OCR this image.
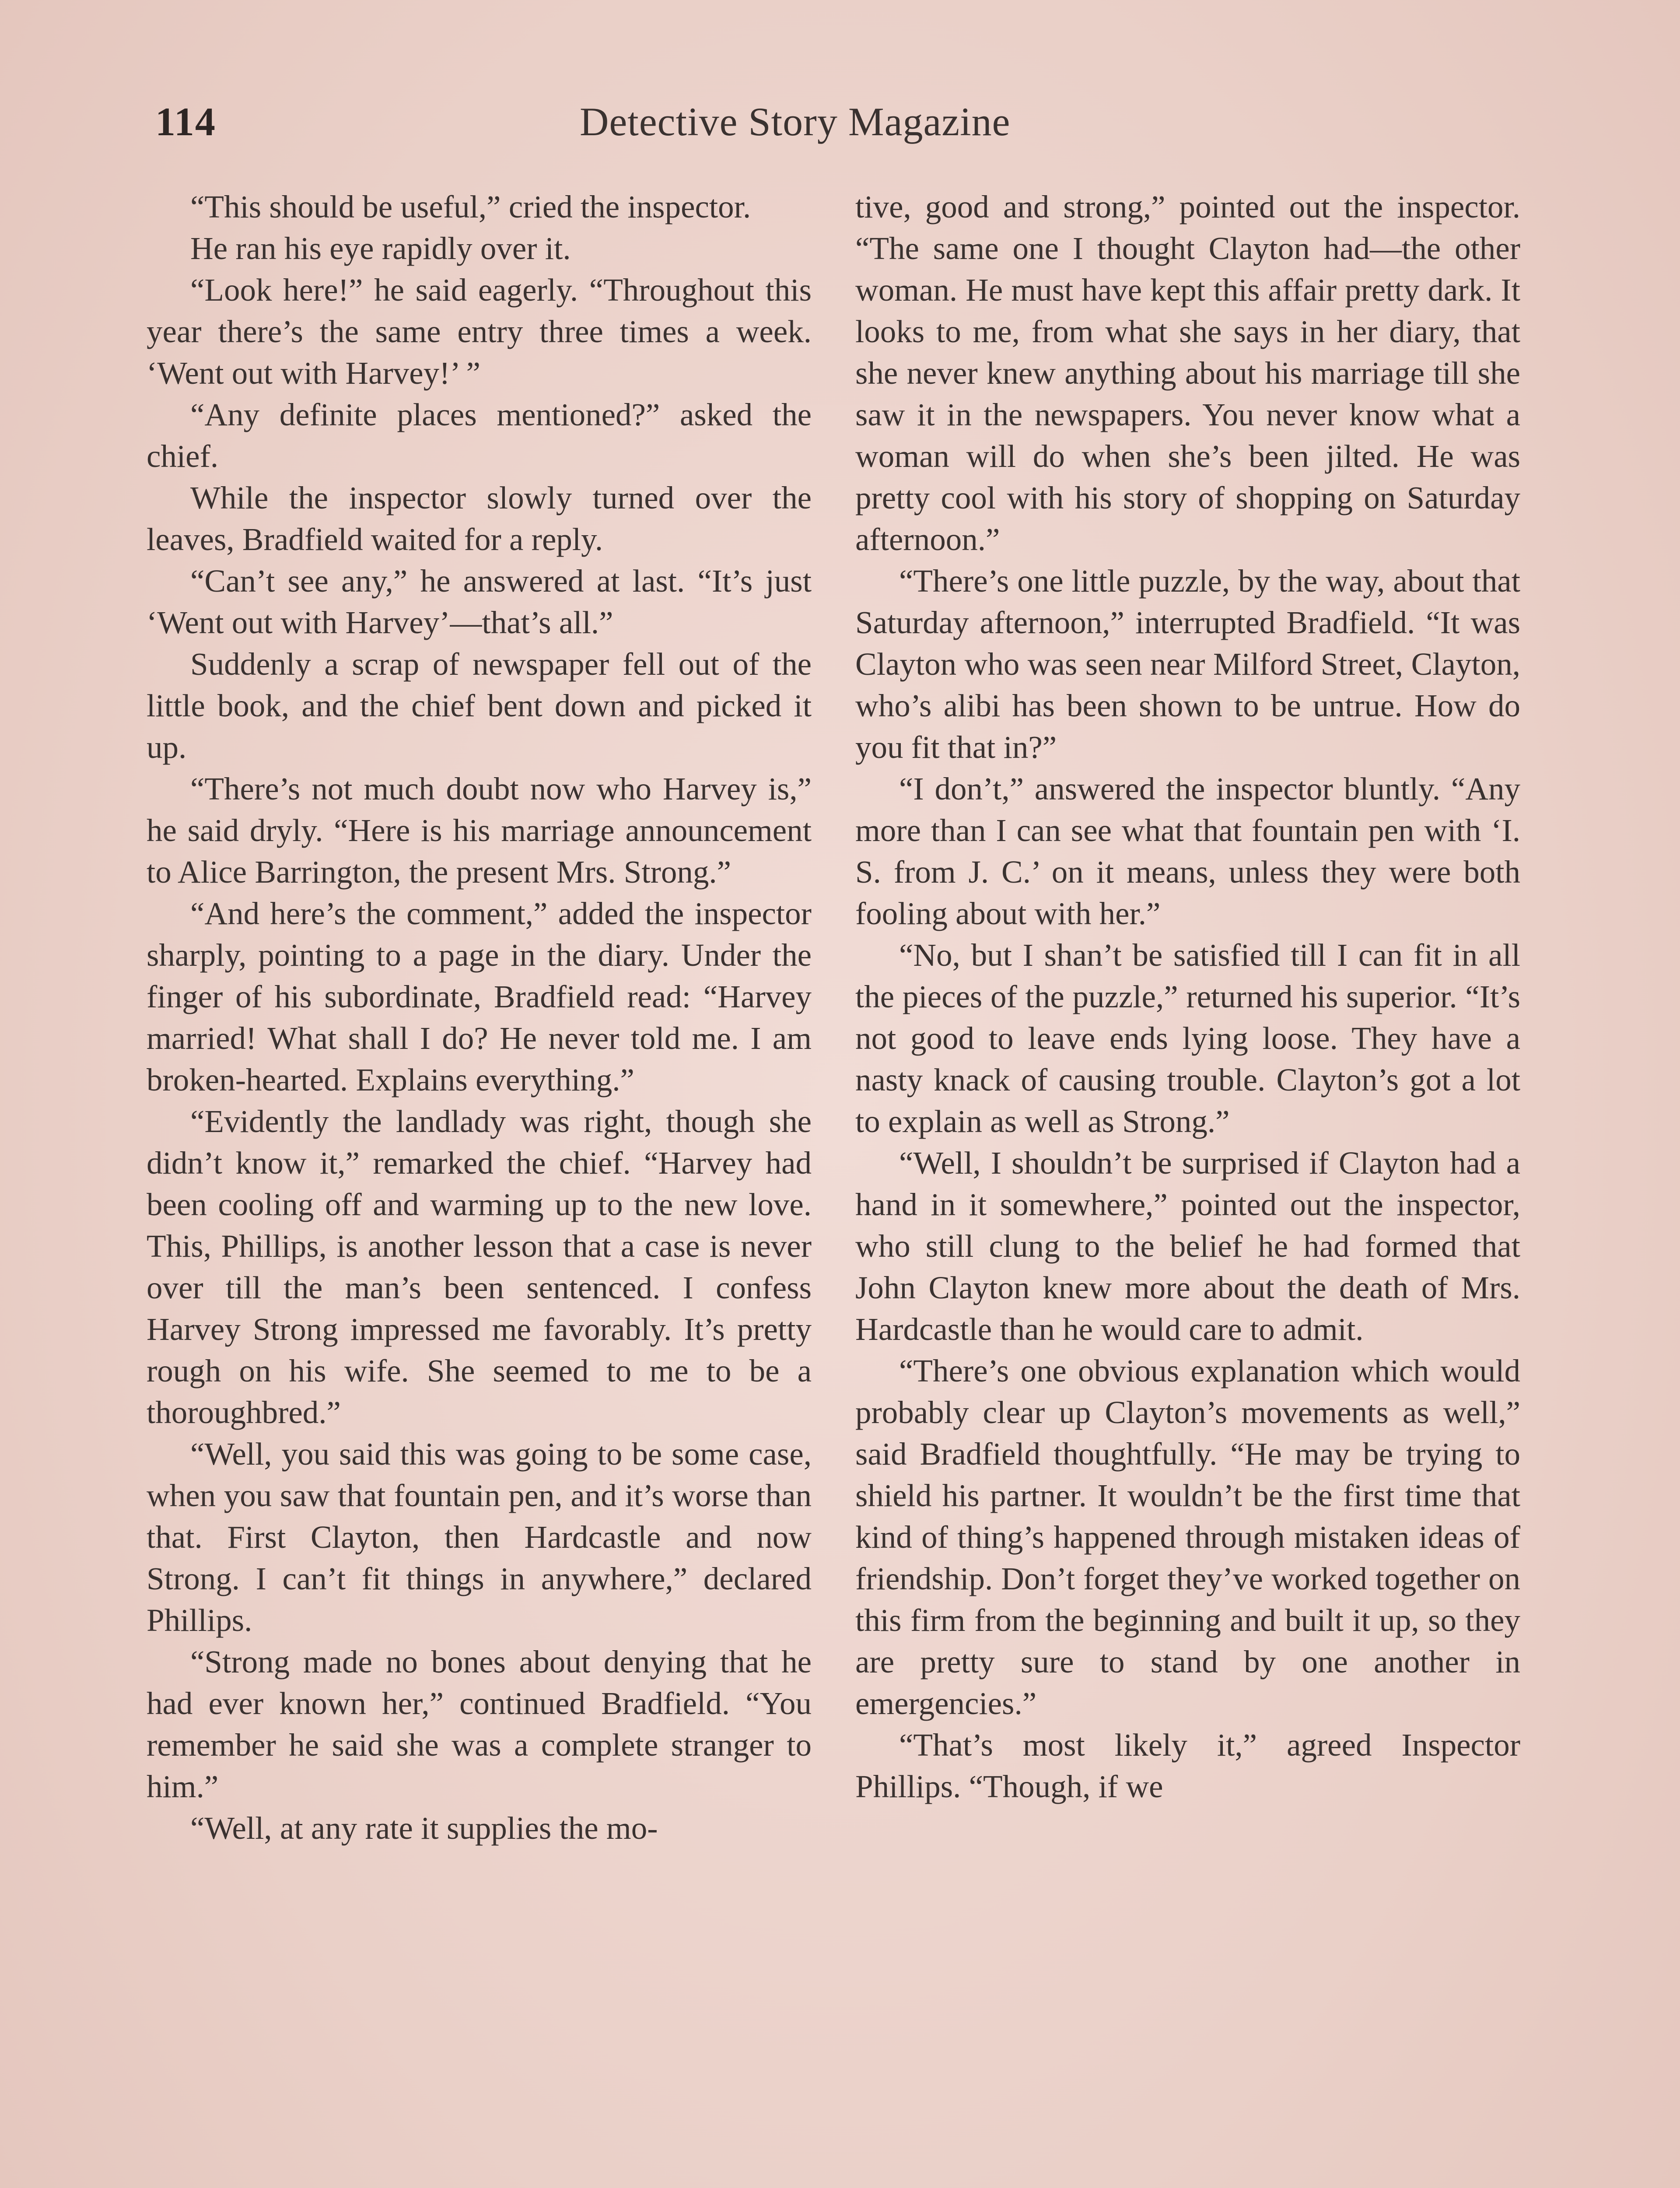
114	Detective Story Magazine

“This should be useful,” cried the inspector.

He ran his eye rapidly over it.

“Look here!” he said eagerly. “Throughout this year there’s the same entry three times a week. ‘Went out with Harvey!’ ”

“Any definite places mentioned?” asked the chief.

While the inspector slowly turned over the leaves, Bradfield waited for a reply.

“Can’t see any,” he answered at last. “It’s just ‘Went out with Harvey’—that’s all.”

Suddenly a scrap of newspaper fell out of the little book, and the chief bent down and picked it up.

“There’s not much doubt now who Harvey is,” he said dryly. “Here is his marriage announcement to Alice Barrington, the present Mrs. Strong.”

“And here’s the comment,” added the inspector sharply, pointing to a page in the diary. Under the finger of his subordinate, Bradfield read: “Harvey married! What shall I do? He never told me. I am broken-hearted. Explains everything.”

“Evidently the landlady was right, though she didn’t know it,” remarked the chief. “Harvey had been cooling off and warming up to the new love. This, Phillips, is another lesson that a case is never over till the man’s been sentenced. I confess Harvey Strong impressed me favorably. It’s pretty rough on his wife. She seemed to me to be a thoroughbred.”

“Well, you said this was going to be some case, when you saw that fountain pen, and it’s worse than that. First Clayton, then Hardcastle and now Strong. I can’t fit things in anywhere,” declared Phillips.

“Strong made no bones about denying that he had ever known her,” continued Bradfield. “You remember he said she was a complete stranger to him.”

“Well, at any rate it supplies the mo-

tive, good and strong,” pointed out the inspector. “The same one I thought Clayton had—the other woman. He must have kept this affair pretty dark. It looks to me, from what she says in her diary, that she never knew anything about his marriage till she saw it in the newspapers. You never know what a woman will do when she’s been jilted. He was pretty cool with his story of shopping on Saturday afternoon.”

“There’s one little puzzle, by the way, about that Saturday afternoon,” interrupted Bradfield. “It was Clayton who was seen near Milford Street, Clayton, who’s alibi has been shown to be untrue. How do you fit that in?”

“I don’t,” answered the inspector bluntly. “Any more than I can see what that fountain pen with ‘I. S. from J. C.’ on it means, unless they were both fooling about with her.”

“No, but I shan’t be satisfied till I can fit in all the pieces of the puzzle,” returned his superior. “It’s not good to leave ends lying loose. They have a nasty knack of causing trouble. Clayton’s got a lot to explain as well as Strong.”

“Well, I shouldn’t be surprised if Clayton had a hand in it somewhere,” pointed out the inspector, who still clung to the belief he had formed that John Clayton knew more about the death of Mrs. Hardcastle than he would care to admit.

“There’s one obvious explanation which would probably clear up Clayton’s movements as well,” said Bradfield thoughtfully. “He may be trying to shield his partner. It wouldn’t be the first time that kind of thing’s happened through mistaken ideas of friendship. Don’t forget they’ve worked together on this firm from the beginning and built it up, so they are pretty sure to stand by one another in emergencies.”

“That’s most likely it,” agreed Inspector Phillips. “Though, if we
